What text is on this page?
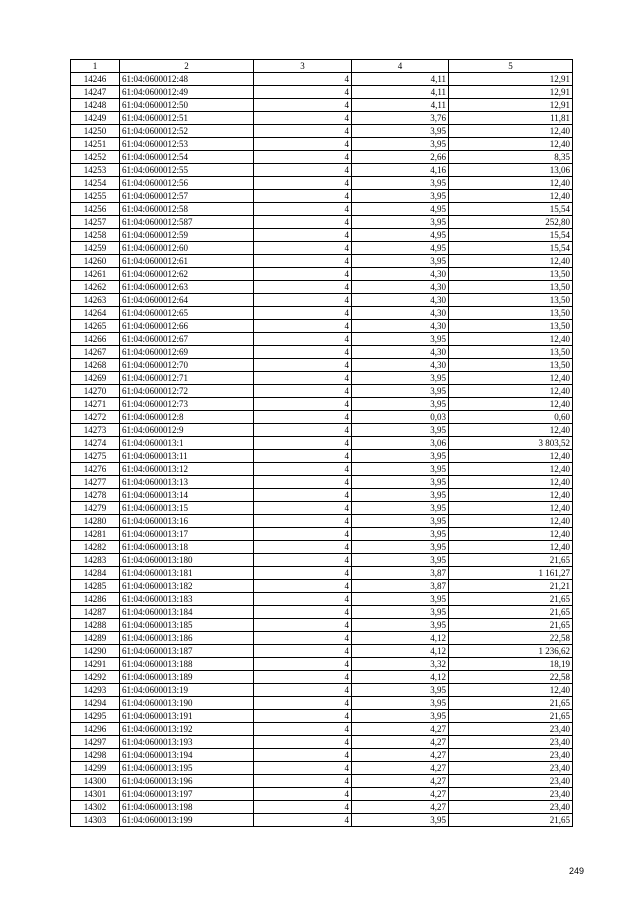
1	2	3	4	5
14246	61:04:0600012:48	4	4,11	12,91
14247	61:04:0600012:49	4	4,11	12,91
14248	61:04:0600012:50	4	4,11	12,91
14249	61:04:0600012:51	4	3,76	11,81
14250	61:04:0600012:52	4	3,95	12,40
14251	61:04:0600012:53	4	3,95	12,40
14252	61:04:0600012:54	4	2,66	8,35
14253	61:04:0600012:55	4	4,16	13,06
14254	61:04:0600012:56	4	3,95	12,40
14255	61:04:0600012:57	4	3,95	12,40
14256	61:04:0600012:58	4	4,95	15,54
14257	61:04:0600012:587	4	3,95	252,80
14258	61:04:0600012:59	4	4,95	15,54
14259	61:04:0600012:60	4	4,95	15,54
14260	61:04:0600012:61	4	3,95	12,40
14261	61:04:0600012:62	4	4,30	13,50
14262	61:04:0600012:63	4	4,30	13,50
14263	61:04:0600012:64	4	4,30	13,50
14264	61:04:0600012:65	4	4,30	13,50
14265	61:04:0600012:66	4	4,30	13,50
14266	61:04:0600012:67	4	3,95	12,40
14267	61:04:0600012:69	4	4,30	13,50
14268	61:04:0600012:70	4	4,30	13,50
14269	61:04:0600012:71	4	3,95	12,40
14270	61:04:0600012:72	4	3,95	12,40
14271	61:04:0600012:73	4	3,95	12,40
14272	61:04:0600012:8	4	0,03	0,60
14273	61:04:0600012:9	4	3,95	12,40
14274	61:04:0600013:1	4	3,06	3 803,52
14275	61:04:0600013:11	4	3,95	12,40
14276	61:04:0600013:12	4	3,95	12,40
14277	61:04:0600013:13	4	3,95	12,40
14278	61:04:0600013:14	4	3,95	12,40
14279	61:04:0600013:15	4	3,95	12,40
14280	61:04:0600013:16	4	3,95	12,40
14281	61:04:0600013:17	4	3,95	12,40
14282	61:04:0600013:18	4	3,95	12,40
14283	61:04:0600013:180	4	3,95	21,65
14284	61:04:0600013:181	4	3,87	1 161,27
14285	61:04:0600013:182	4	3,87	21,21
14286	61:04:0600013:183	4	3,95	21,65
14287	61:04:0600013:184	4	3,95	21,65
14288	61:04:0600013:185	4	3,95	21,65
14289	61:04:0600013:186	4	4,12	22,58
14290	61:04:0600013:187	4	4,12	1 236,62
14291	61:04:0600013:188	4	3,32	18,19
14292	61:04:0600013:189	4	4,12	22,58
14293	61:04:0600013:19	4	3,95	12,40
14294	61:04:0600013:190	4	3,95	21,65
14295	61:04:0600013:191	4	3,95	21,65
14296	61:04:0600013:192	4	4,27	23,40
14297	61:04:0600013:193	4	4,27	23,40
14298	61:04:0600013:194	4	4,27	23,40
14299	61:04:0600013:195	4	4,27	23,40
14300	61:04:0600013:196	4	4,27	23,40
14301	61:04:0600013:197	4	4,27	23,40
14302	61:04:0600013:198	4	4,27	23,40
14303	61:04:0600013:199	4	3,95	21,65
249
